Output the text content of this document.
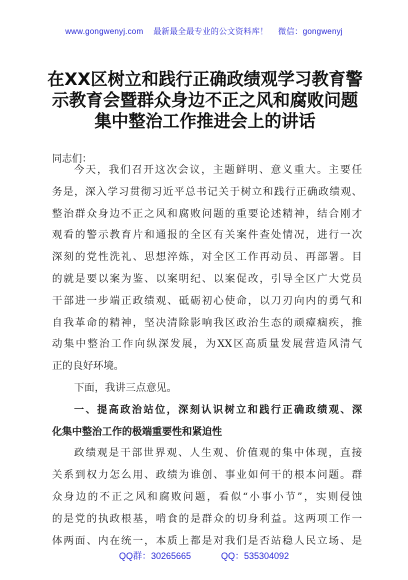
www.gongwenyj.com 最新最全最专业的公文资料库！ 微信：gongwenyj
在XX区树立和践行正确政绩观学习教育警
示教育会暨群众身边不正之风和腐败问题
集中整治工作推进会上的讲话
同志们：
今天，我们召开这次会议，主题鲜明、意义重大。主要任
务是，深入学习贯彻习近平总书记关于树立和践行正确政绩观、
整治群众身边不正之风和腐败问题的重要论述精神，结合刚才
观看的警示教育片和通报的全区有关案件查处情况，进行一次
深刻的党性洗礼、思想淬炼，对全区工作再动员、再部署。目
的就是要以案为鉴、以案明纪、以案促改，引导全区广大党员
干部进一步端正政绩观、砥砺初心使命，以刀刃向内的勇气和
自我革命的精神，坚决清除影响我区政治生态的顽瘴痼疾，推
动集中整治工作向纵深发展，为XX区高质量发展营造风清气
正的良好环境。
下面，我讲三点意见。
一、提高政治站位，深刻认识树立和践行正确政绩观、深
化集中整治工作的极端重要性和紧迫性
政绩观是干部世界观、人生观、价值观的集中体现，直接
关系到权力怎么用、政绩为谁创、事业如何干的根本问题。群
众身边的不正之风和腐败问题，看似“小事小节”，实则侵蚀
的是党的执政根基，啃食的是群众的切身利益。这两项工作一
体两面、内在统一，本质上都是对我们是否站稳人民立场、是
QQ群：30265665	QQ：535304092
